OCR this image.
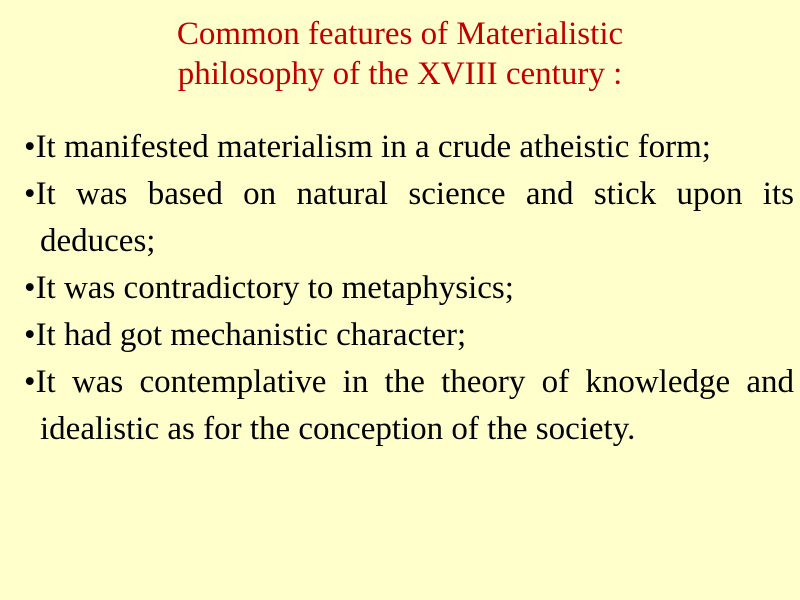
Common features of Materialistic
philosophy of the XVIII century :
•It manifested materialism in a crude atheistic form;
•It was based on natural science and stick upon its deduces;
•It was contradictory to metaphysics;
•It had got mechanistic character;
•It was contemplative in the theory of knowledge and idealistic as for the conception of the society.
